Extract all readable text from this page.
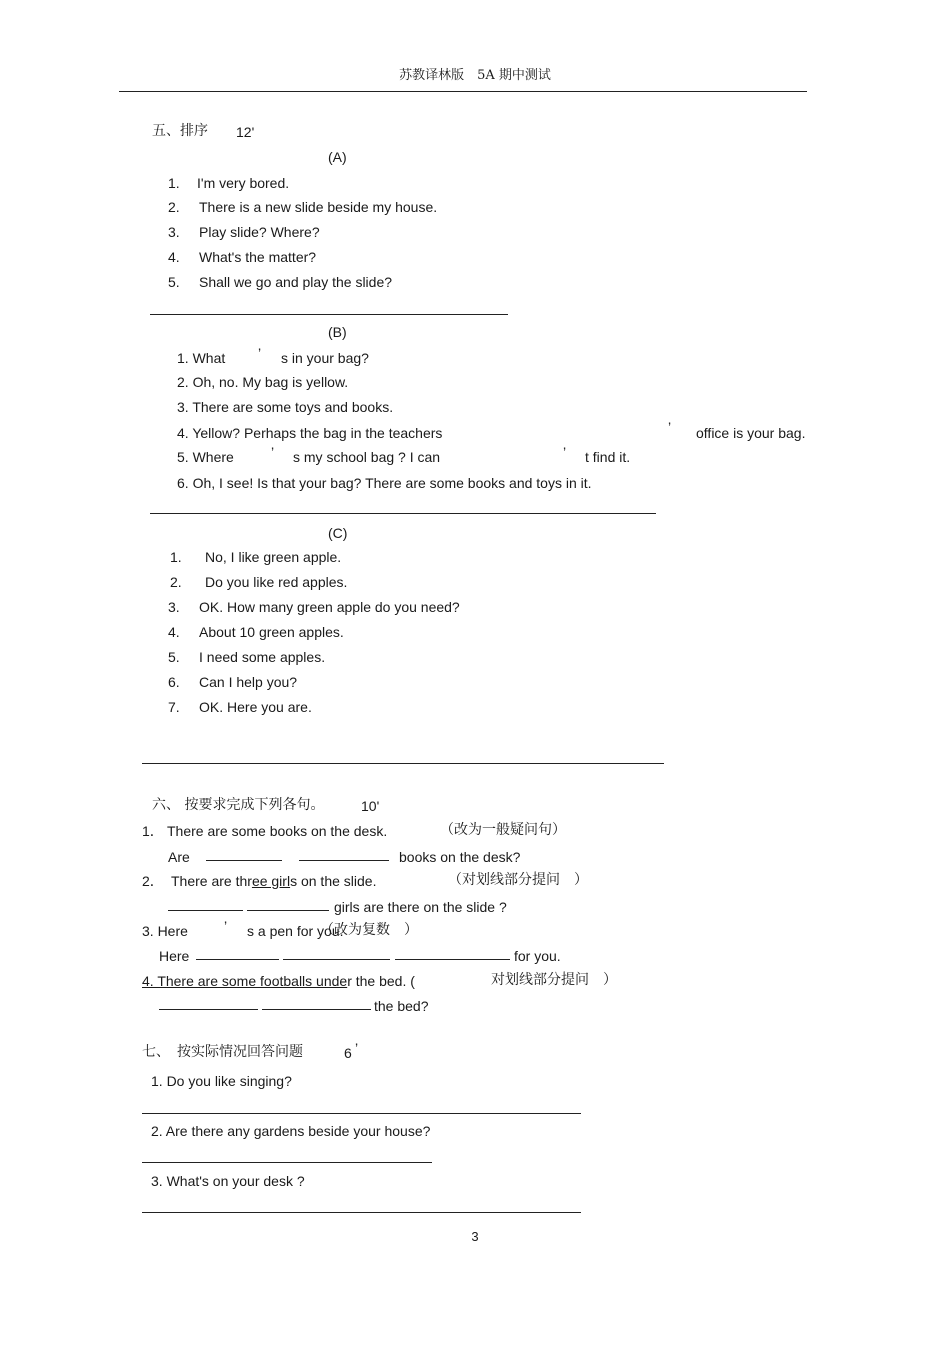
苏教译林版　5A 期中测试
五、排序 12'
(A)
1. I'm very bored.
2. There is a new slide beside my house.
3. Play slide? Where?
4. What's the matter?
5. Shall we go and play the slide?
(B)
1. What ’ s in your bag?
2. Oh, no. My bag is yellow.
3. There are some toys and books.
4. Yellow? Perhaps the bag in the teachers	’ office is your bag.
5. Where	’ s my school bag ? I can	’ t find it.
6. Oh, I see! Is that your bag? There are some books and toys in it.
(C)
1. No, I like green apple.
2. Do you like red apples.
3. OK. How many green apple do you need?
4. About 10 green apples.
5. I need some apples.
6. Can I help you?
7. OK. Here you are.
六、 按要求完成下列各句。	10'
1． There are some books on the desk.	（改为一般疑问句）
Are	books on the desk?
2． There are three girls on the slide.	（对划线部分提问　）
girls are there on the slide ?
3. Here	’ s a pen for you.
（改为复数　）
Here	for you.
4. There are some footballs under the bed. (	对划线部分提问　）
the bed?
七、　按实际情况回答问题	6 ’
1. Do you like singing?
2. Are there any gardens beside your house?
3. What's on your desk ?
3
